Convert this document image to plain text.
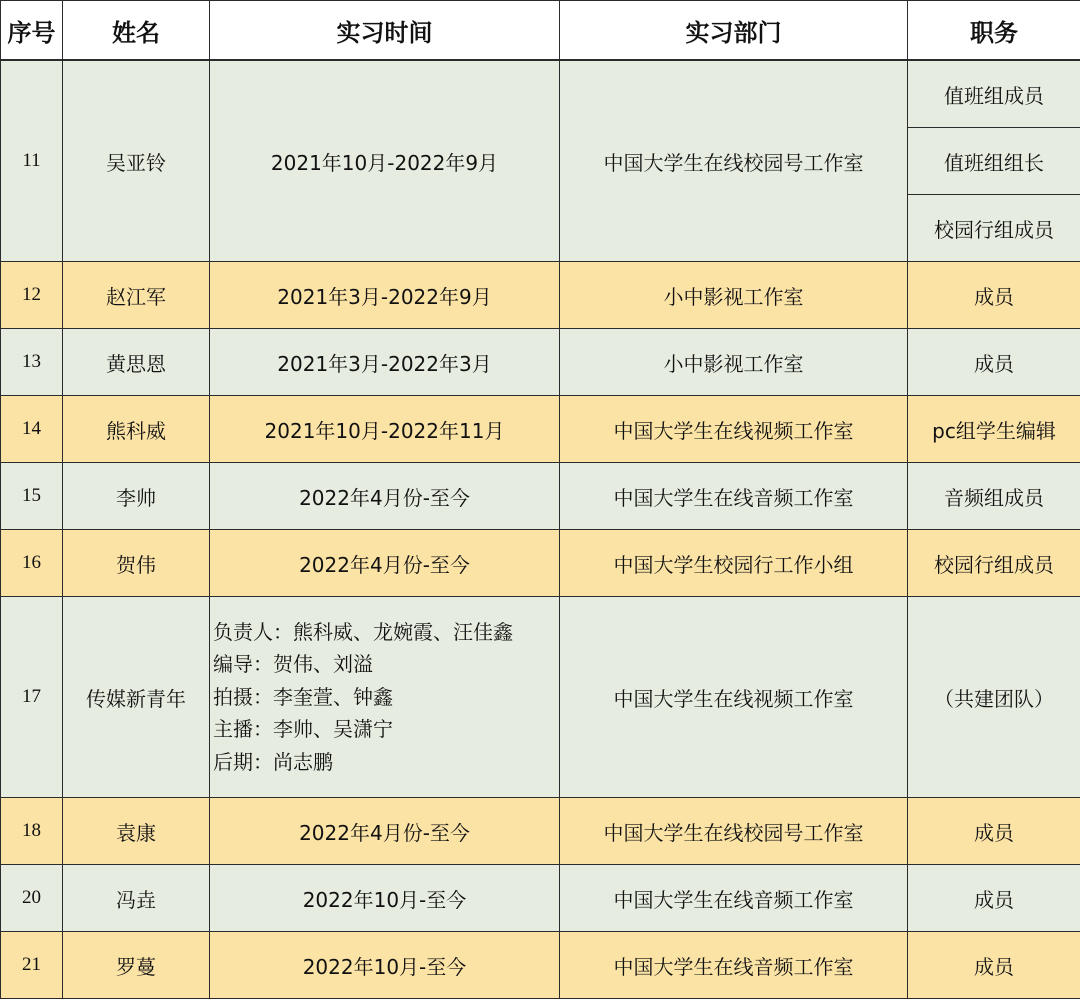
序号	姓名	实习时间	实习部门	职务
11	吴亚铃	2021年10月-2022年9月	中国大学生在线校园号工作室	值班组成员
				值班组组长
				校园行组成员
12	赵江军	2021年3月-2022年9月	小中影视工作室	成员
13	黄思恩	2021年3月-2022年3月	小中影视工作室	成员
14	熊科威	2021年10月-2022年11月	中国大学生在线视频工作室	pc组学生编辑
15	李帅	2022年4月份-至今	中国大学生在线音频工作室	音频组成员
16	贺伟	2022年4月份-至今	中国大学生校园行工作小组	校园行组成员
17	传媒新青年	负责人：熊科威、龙婉霞、汪佳鑫
编导：贺伟、刘溢
拍摄：李奎萱、钟鑫
主播：李帅、吴潇宁
后期：尚志鹏	中国大学生在线视频工作室	（共建团队）
18	袁康	2022年4月份-至今	中国大学生在线校园号工作室	成员
20	冯垚	2022年10月-至今	中国大学生在线音频工作室	成员
21	罗蔓	2022年10月-至今	中国大学生在线音频工作室	成员
